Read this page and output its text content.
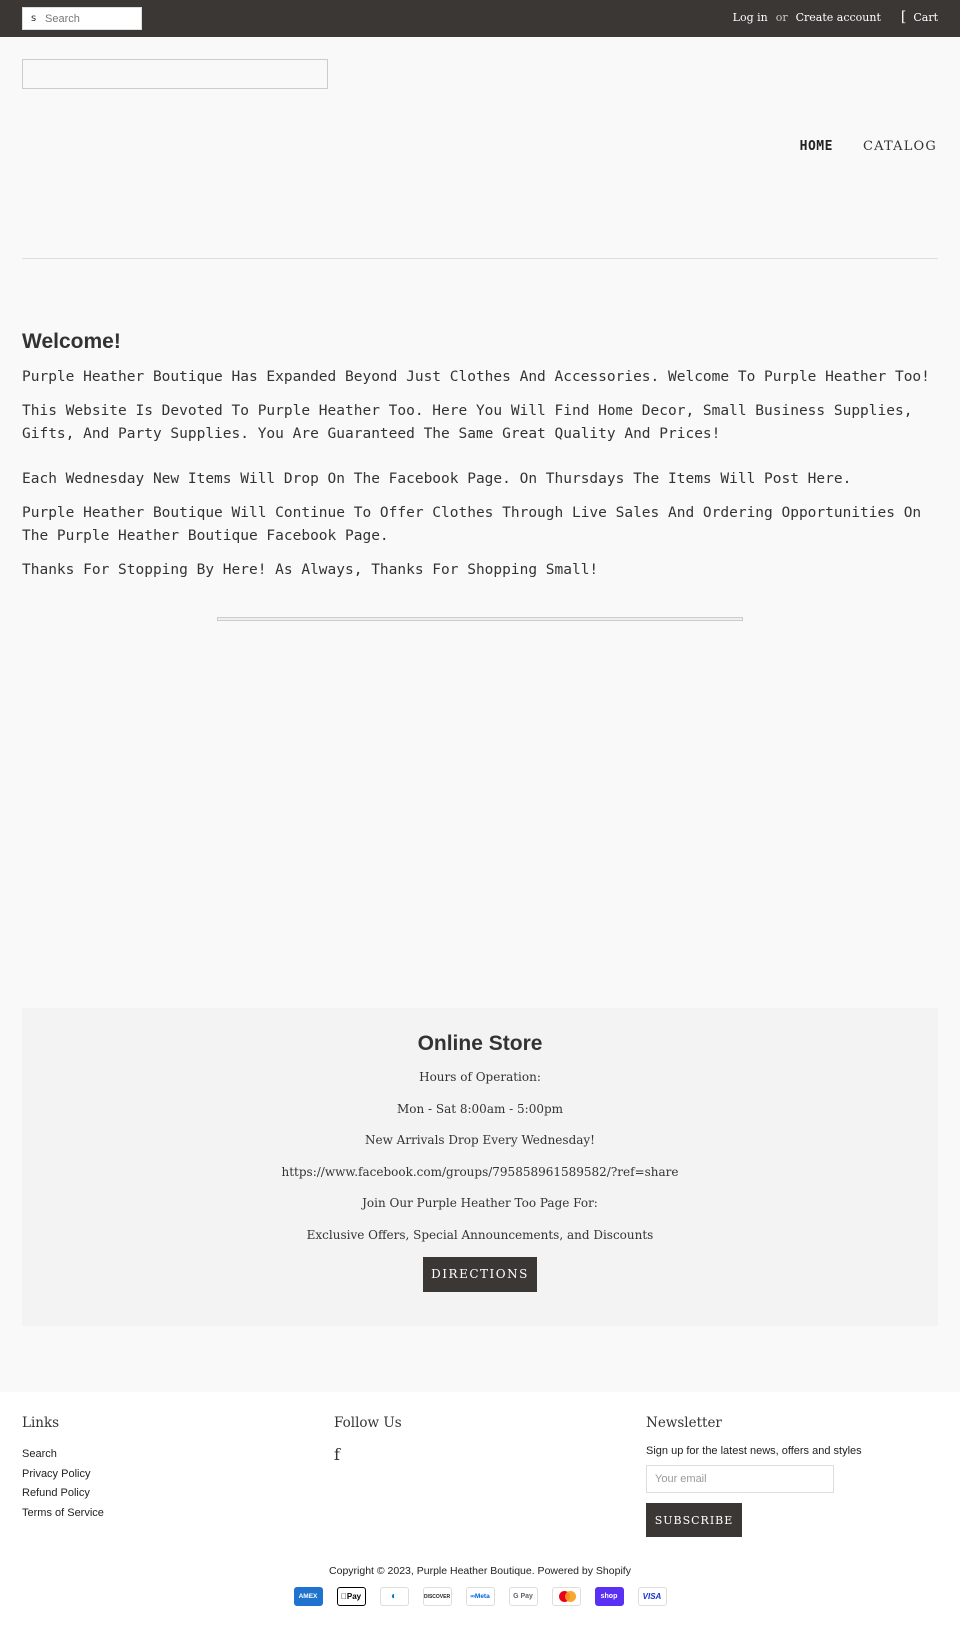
s
Search	Log in or Create account [ Cart
HOME CATALOG
Welcome!

Purple Heather Boutique Has Expanded Beyond Just Clothes And Accessories. Welcome To Purple Heather Too!

This Website Is Devoted To Purple Heather Too. Here You Will Find Home Decor, Small Business Supplies, Gifts, And Party Supplies. You Are Guaranteed The Same Great Quality And Prices!

Each Wednesday New Items Will Drop On The Facebook Page. On Thursdays The Items Will Post Here.

Purple Heather Boutique Will Continue To Offer Clothes Through Live Sales And Ordering Opportunities On The Purple Heather Boutique Facebook Page.

Thanks For Stopping By Here! As Always, Thanks For Shopping Small!

Online Store

Hours of Operation:

Mon - Sat 8:00am - 5:00pm

New Arrivals Drop Every Wednesday!

https://www.facebook.com/groups/795858961589582/?ref=share

Join Our Purple Heather Too Page For:

Exclusive Offers, Special Announcements, and Discounts

DIRECTIONS
Links
Search
Privacy Policy
Refund Policy
Terms of Service
Follow Us
f
Newsletter
Sign up for the latest news, offers and styles
Your email
SUBSCRIBE
Copyright © 2023, Purple Heather Boutique. Powered by Shopify
AMEX	Pay	◐	DISCOVER	∞Meta	G Pay	shop	VISA
